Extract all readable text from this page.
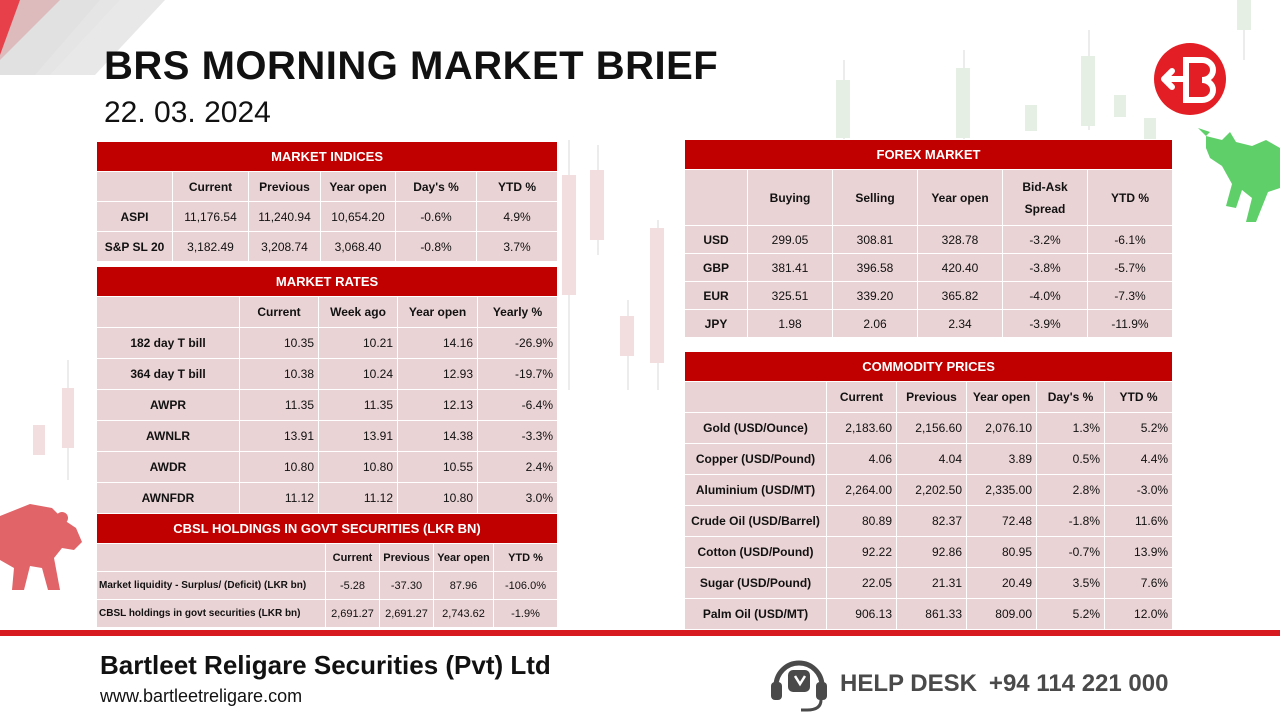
BRS MORNING MARKET BRIEF
22. 03. 2024
MARKET INDICES					
	Current	Previous	Year open	Day's %	YTD %
ASPI	11,176.54	11,240.94	10,654.20	-0.6%	4.9%
S&P SL 20	3,182.49	3,208.74	3,068.40	-0.8%	3.7%
MARKET RATES				
	Current	Week ago	Year open	Yearly %
182 day T bill	10.35	10.21	14.16	-26.9%
364 day T bill	10.38	10.24	12.93	-19.7%
AWPR	11.35	11.35	12.13	-6.4%
AWNLR	13.91	13.91	14.38	-3.3%
AWDR	10.80	10.80	10.55	2.4%
AWNFDR	11.12	11.12	10.80	3.0%
CBSL HOLDINGS IN GOVT SECURITIES (LKR BN)				
	Current	Previous	Year open	YTD %
Market liquidity - Surplus/ (Deficit) (LKR bn)	-5.28	-37.30	87.96	-106.0%
CBSL holdings in govt securities (LKR bn)	2,691.27	2,691.27	2,743.62	-1.9%
FOREX MARKET					
	Buying	Selling	Year open	Bid-Ask Spread	YTD %
USD	299.05	308.81	328.78	-3.2%	-6.1%
GBP	381.41	396.58	420.40	-3.8%	-5.7%
EUR	325.51	339.20	365.82	-4.0%	-7.3%
JPY	1.98	2.06	2.34	-3.9%	-11.9%
COMMODITY PRICES					
	Current	Previous	Year open	Day's %	YTD %
Gold (USD/Ounce)	2,183.60	2,156.60	2,076.10	1.3%	5.2%
Copper (USD/Pound)	4.06	4.04	3.89	0.5%	4.4%
Aluminium (USD/MT)	2,264.00	2,202.50	2,335.00	2.8%	-3.0%
Crude Oil (USD/Barrel)	80.89	82.37	72.48	-1.8%	11.6%
Cotton (USD/Pound)	92.22	92.86	80.95	-0.7%	13.9%
Sugar (USD/Pound)	22.05	21.31	20.49	3.5%	7.6%
Palm Oil (USD/MT)	906.13	861.33	809.00	5.2%	12.0%
Bartleet Religare Securities (Pvt) Ltd
www.bartleetreligare.com	HELP DESK +94 114 221 000
